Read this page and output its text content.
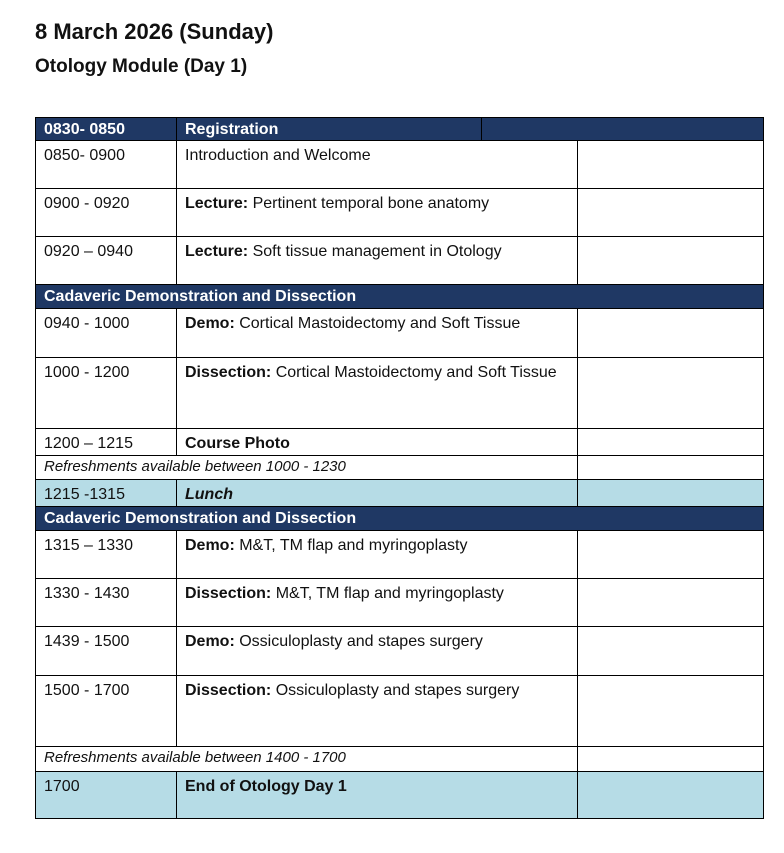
8 March 2026 (Sunday)
Otology Module (Day 1)
0830- 0850	Registration	

0850- 0900	Introduction and Welcome	
0900 - 0920	Lecture: Pertinent temporal bone anatomy	
0920 – 0940	Lecture: Soft tissue management in Otology	
Cadaveric Demonstration and Dissection		
0940 - 1000	Demo: Cortical Mastoidectomy and Soft Tissue	
1000 - 1200	Dissection: Cortical Mastoidectomy and Soft Tissue	
1200 – 1215	Course Photo	
Refreshments available between 1000 - 1230		
1215 -1315	Lunch	
Cadaveric Demonstration and Dissection		
1315 – 1330	Demo: M&T, TM flap and myringoplasty	
1330 - 1430	Dissection: M&T, TM flap and myringoplasty	
1439 - 1500	Demo: Ossiculoplasty and stapes surgery	
1500 - 1700	Dissection: Ossiculoplasty and stapes surgery	
Refreshments available between 1400 - 1700		
1700	End of Otology Day 1	
